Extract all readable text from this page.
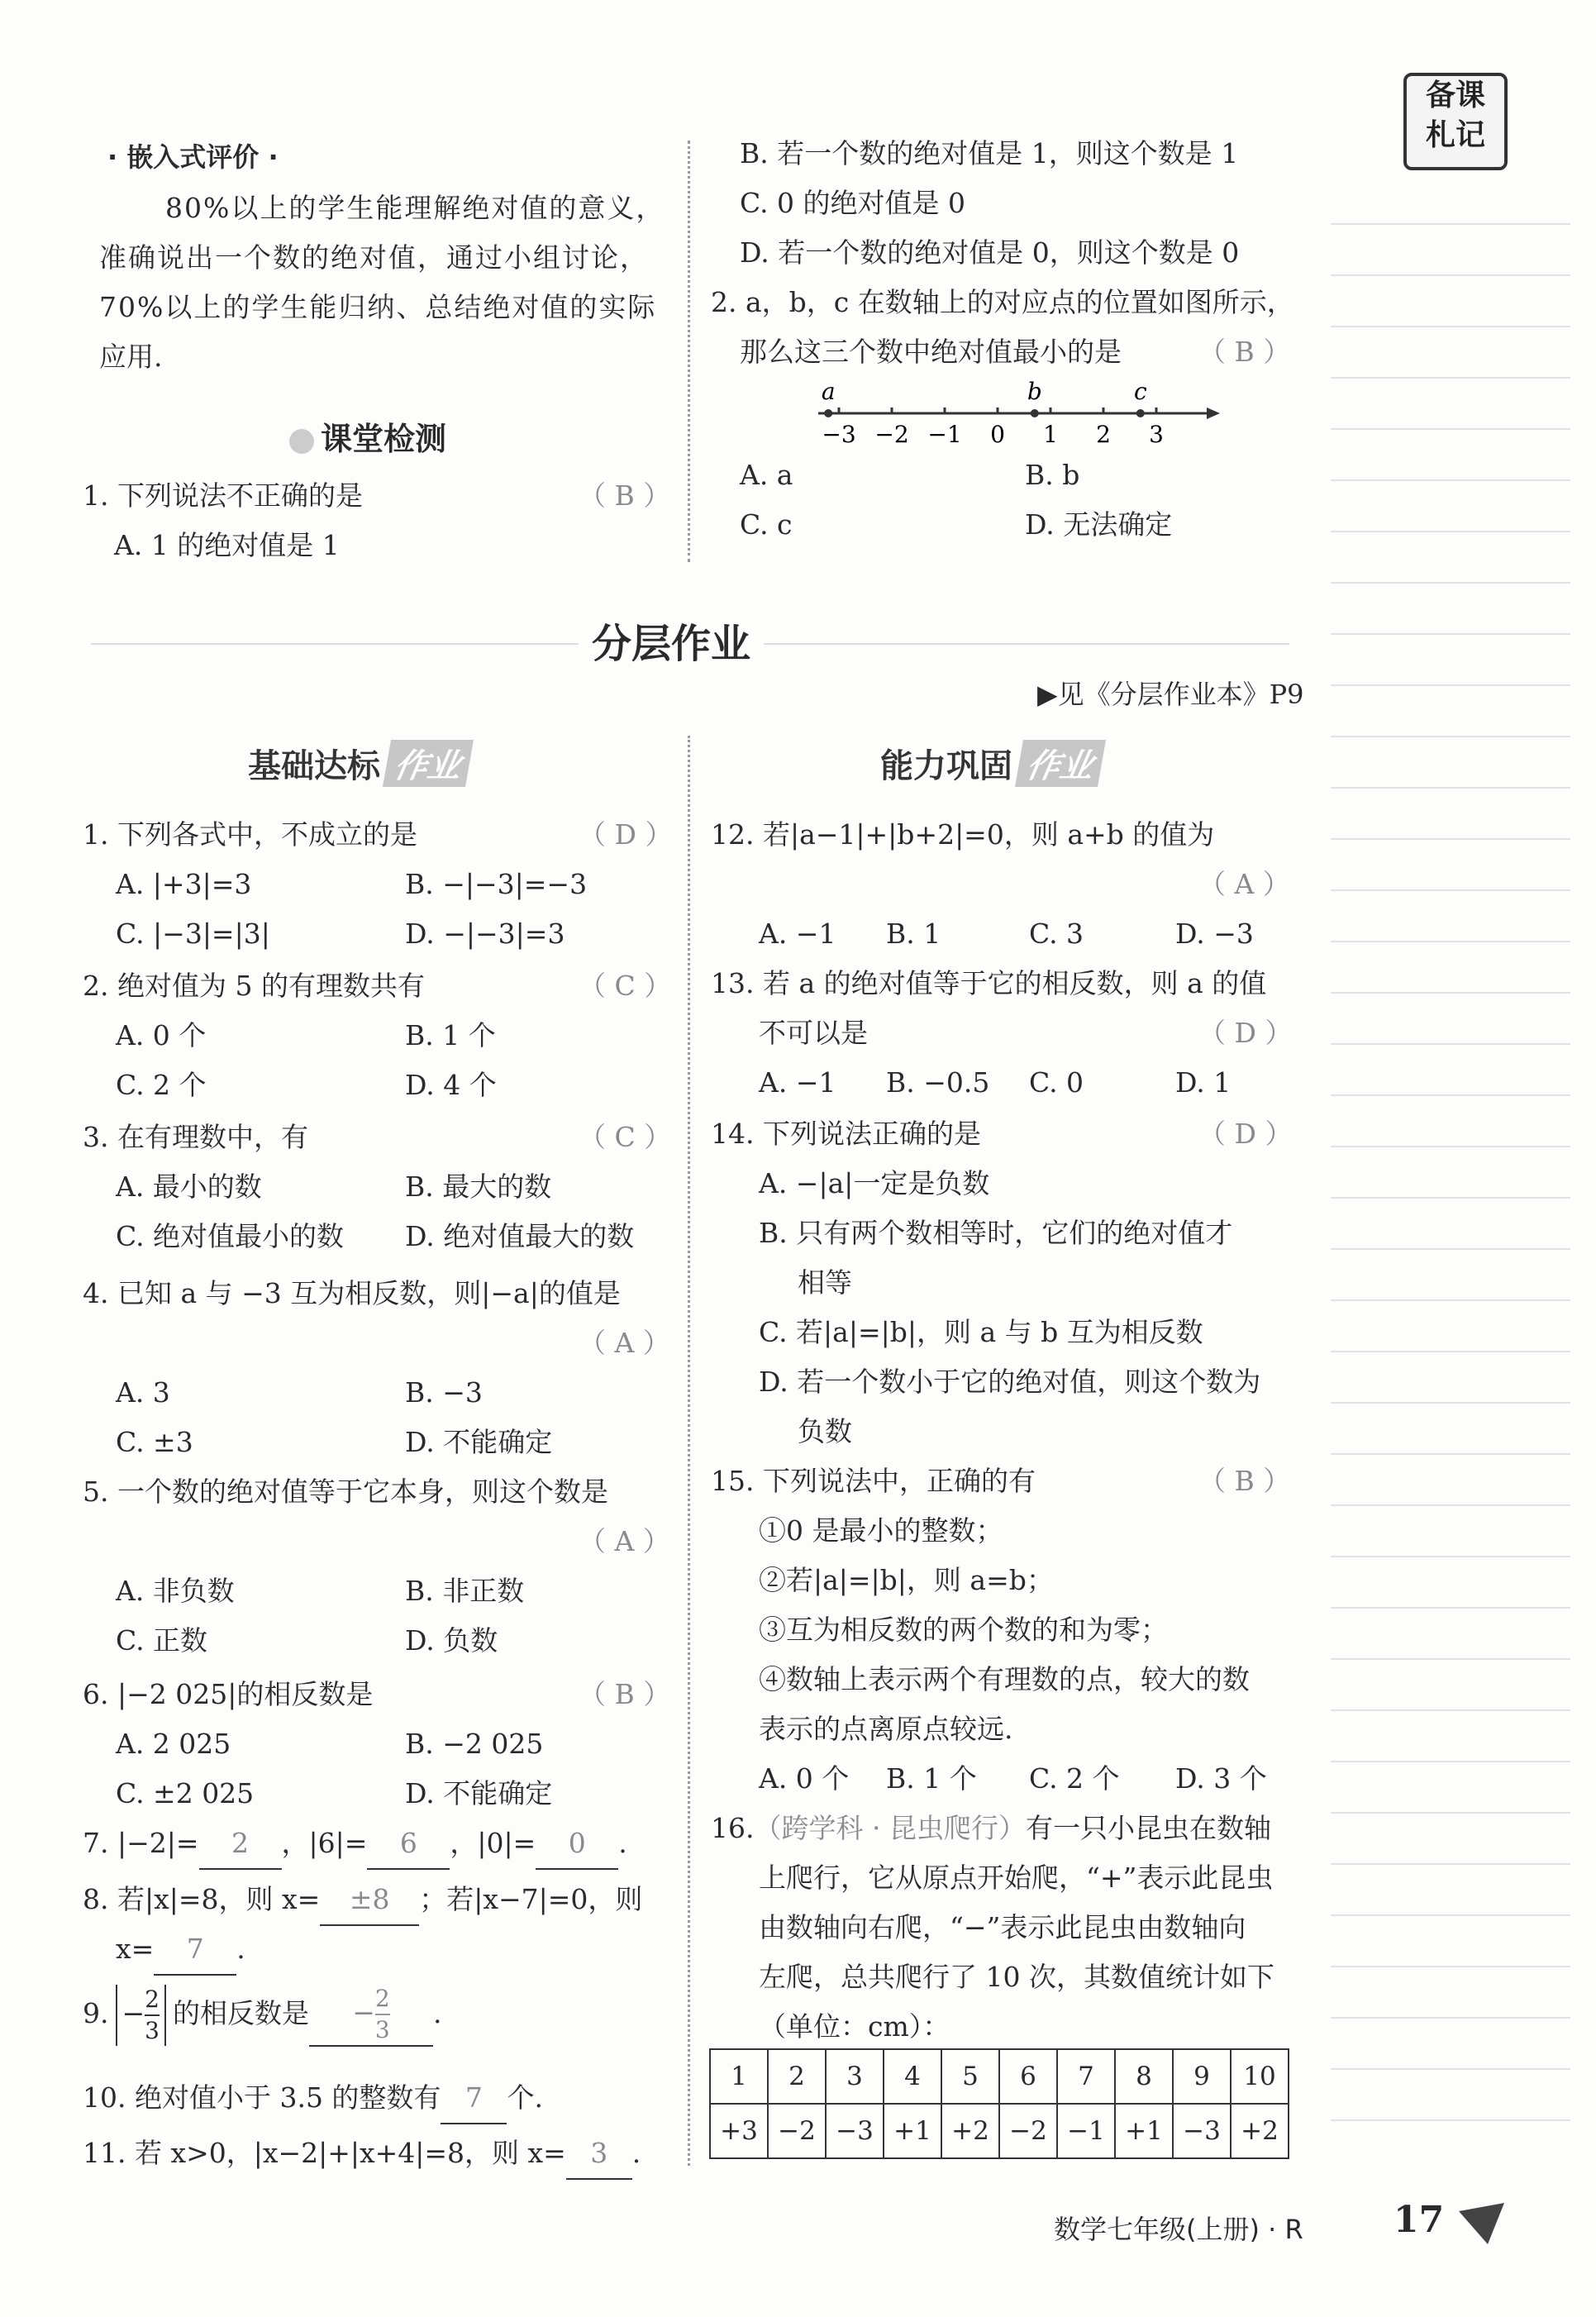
备课
札记
· 嵌入式评价 ·
80%以上的学生能理解绝对值的意义，
准确说出一个数的绝对值，通过小组讨论，
70%以上的学生能归纳、总结绝对值的实际
应用.
课堂检测
1. 下列说法不正确的是	（ B ）
A. 1 的绝对值是 1
B. 若一个数的绝对值是 1，则这个数是 1
C. 0 的绝对值是 0
D. 若一个数的绝对值是 0，则这个数是 0
2. a，b，c 在数轴上的对应点的位置如图所示，
那么这三个数中绝对值最小的是	（ B ）
−3 −2 −1 0 1 2 3
a	b	c
A. a	B. b
C. c	D. 无法确定
分层作业
▶见《分层作业本》P9
基础达标 作业
1. 下列各式中，不成立的是	（ D ）
A. |+3|=3	B. −|−3|=−3
C. |−3|=|3|	D. −|−3|=3
2. 绝对值为 5 的有理数共有	（ C ）
A. 0 个	B. 1 个
C. 2 个	D. 4 个
3. 在有理数中，有	（ C ）
A. 最小的数	B. 最大的数
C. 绝对值最小的数 D. 绝对值最大的数
4. 已知 a 与 −3 互为相反数，则|−a|的值是
（ A ）
A. 3	B. −3
C. ±3	D. 不能确定
5. 一个数的绝对值等于它本身，则这个数是
（ A ）
A. 非负数	B. 非正数
C. 正数	D. 负数
6. |−2 025|的相反数是	（ B ）
A. 2 025	B. −2 025
C. ±2 025	D. 不能确定
7. |−2|= 2 ，|6|= 6 ，|0|= 0 .
8. 若|x|=8，则 x= ±8 ；若|x−7|=0，则
x= 7 .
9. − $\frac{2}{3}$ 的相反数是 − $\frac{2}{3}$ .
10. 绝对值小于 3.5 的整数有 7 个.
11. 若 x>0，|x−2|+|x+4|=8，则 x= 3 .
能力巩固 作业
12. 若|a−1|+|b+2|=0，则 a+b 的值为
（ A ）
A. −1 B. 1	C. 3	D. −3
13. 若 a 的绝对值等于它的相反数，则 a 的值
不可以是	（ D ）
A. −1 B. −0.5 C. 0	D. 1
14. 下列说法正确的是	（ D ）
A. −|a|一定是负数
B. 只有两个数相等时，它们的绝对值才
相等
C. 若|a|=|b|，则 a 与 b 互为相反数
D. 若一个数小于它的绝对值，则这个数为
负数
15. 下列说法中，正确的有	（ B ）
①0 是最小的整数；
②若|a|=|b|，则 a=b；
③互为相反数的两个数的和为零；
④数轴上表示两个有理数的点，较大的数
表示的点离原点较远.
A. 0 个 B. 1 个 C. 2 个 D. 3 个
16.（跨学科 · 昆虫爬行）有一只小昆虫在数轴
上爬行，它从原点开始爬，“+”表示此昆虫
由数轴向右爬，“−”表示此昆虫由数轴向
左爬，总共爬行了 10 次，其数值统计如下
（单位：cm）：
1	2	3	4	5	6	7	8	9	10
+3	−2	−3	+1	+2	−2	−1	+1	−3	+2
数学七年级(上册) · R 17
